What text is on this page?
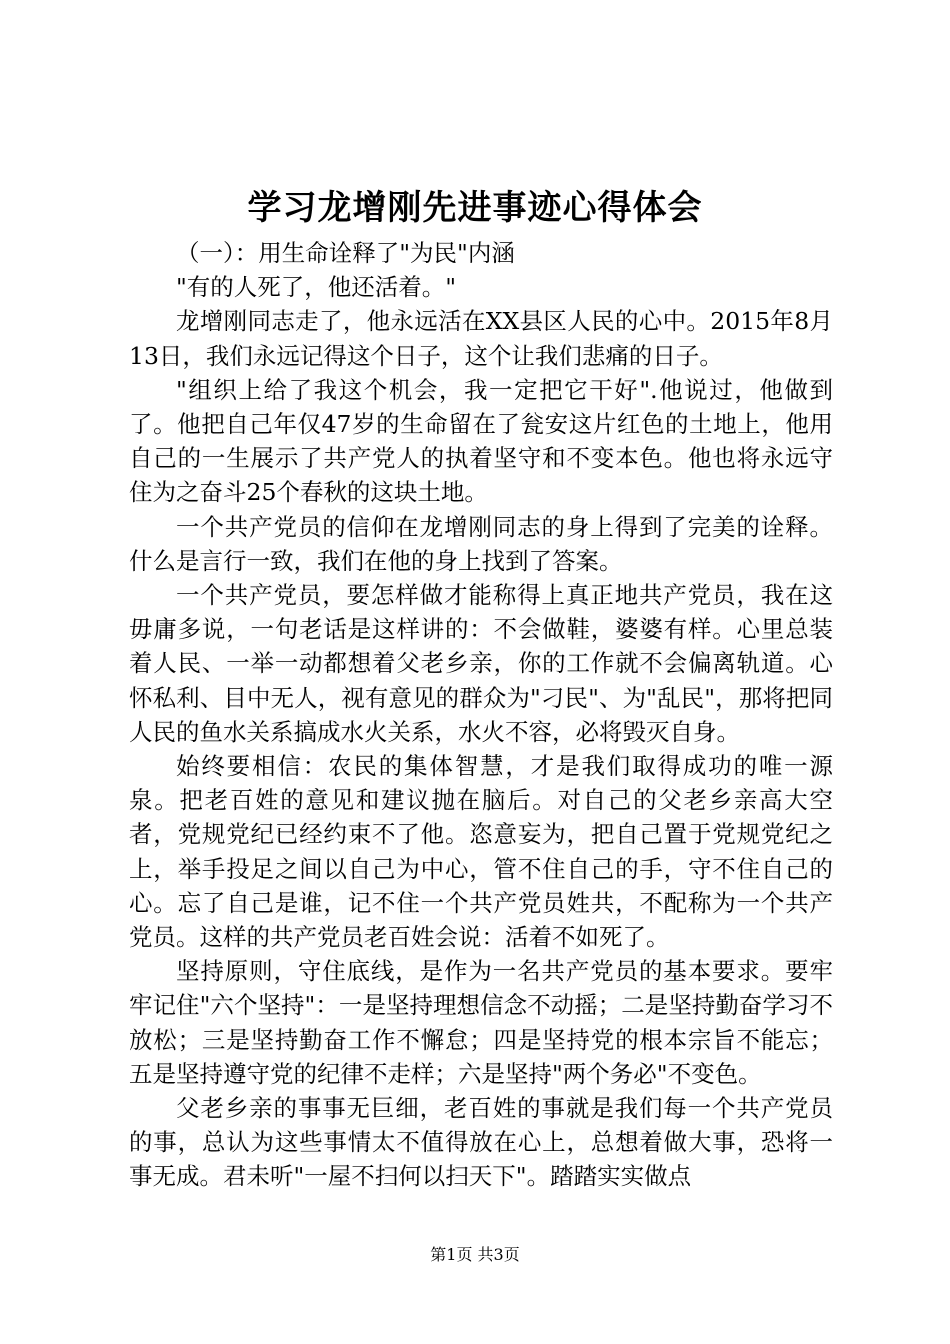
学习龙增刚先进事迹心得体会

（一）：用生命诠释了"为民"内涵

"有的人死了，他还活着。"

龙增刚同志走了，他永远活在XX县区人民的心中。2015年8月13日，我们永远记得这个日子，这个让我们悲痛的日子。

"组织上给了我这个机会，我一定把它干好".他说过，他做到了。他把自己年仅47岁的生命留在了瓮安这片红色的土地上，他用自己的一生展示了共产党人的执着坚守和不变本色。他也将永远守住为之奋斗25个春秋的这块土地。

一个共产党员的信仰在龙增刚同志的身上得到了完美的诠释。什么是言行一致，我们在他的身上找到了答案。

一个共产党员，要怎样做才能称得上真正地共产党员，我在这毋庸多说，一句老话是这样讲的：不会做鞋，婆婆有样。心里总装着人民、一举一动都想着父老乡亲，你的工作就不会偏离轨道。心怀私利、目中无人，视有意见的群众为"刁民"、为"乱民"，那将把同人民的鱼水关系搞成水火关系，水火不容，必将毁灭自身。

始终要相信：农民的集体智慧，才是我们取得成功的唯一源泉。把老百姓的意见和建议抛在脑后。对自己的父老乡亲高大空者，党规党纪已经约束不了他。恣意妄为，把自己置于党规党纪之上，举手投足之间以自己为中心，管不住自己的手，守不住自己的心。忘了自己是谁，记不住一个共产党员姓共，不配称为一个共产党员。这样的共产党员老百姓会说：活着不如死了。

坚持原则，守住底线，是作为一名共产党员的基本要求。要牢牢记住"六个坚持"：一是坚持理想信念不动摇；二是坚持勤奋学习不放松；三是坚持勤奋工作不懈怠；四是坚持党的根本宗旨不能忘；五是坚持遵守党的纪律不走样；六是坚持"两个务必"不变色。

父老乡亲的事事无巨细，老百姓的事就是我们每一个共产党员的事，总认为这些事情太不值得放在心上，总想着做大事，恐将一事无成。君未听"一屋不扫何以扫天下"。踏踏实实做点

第1页 共3页
